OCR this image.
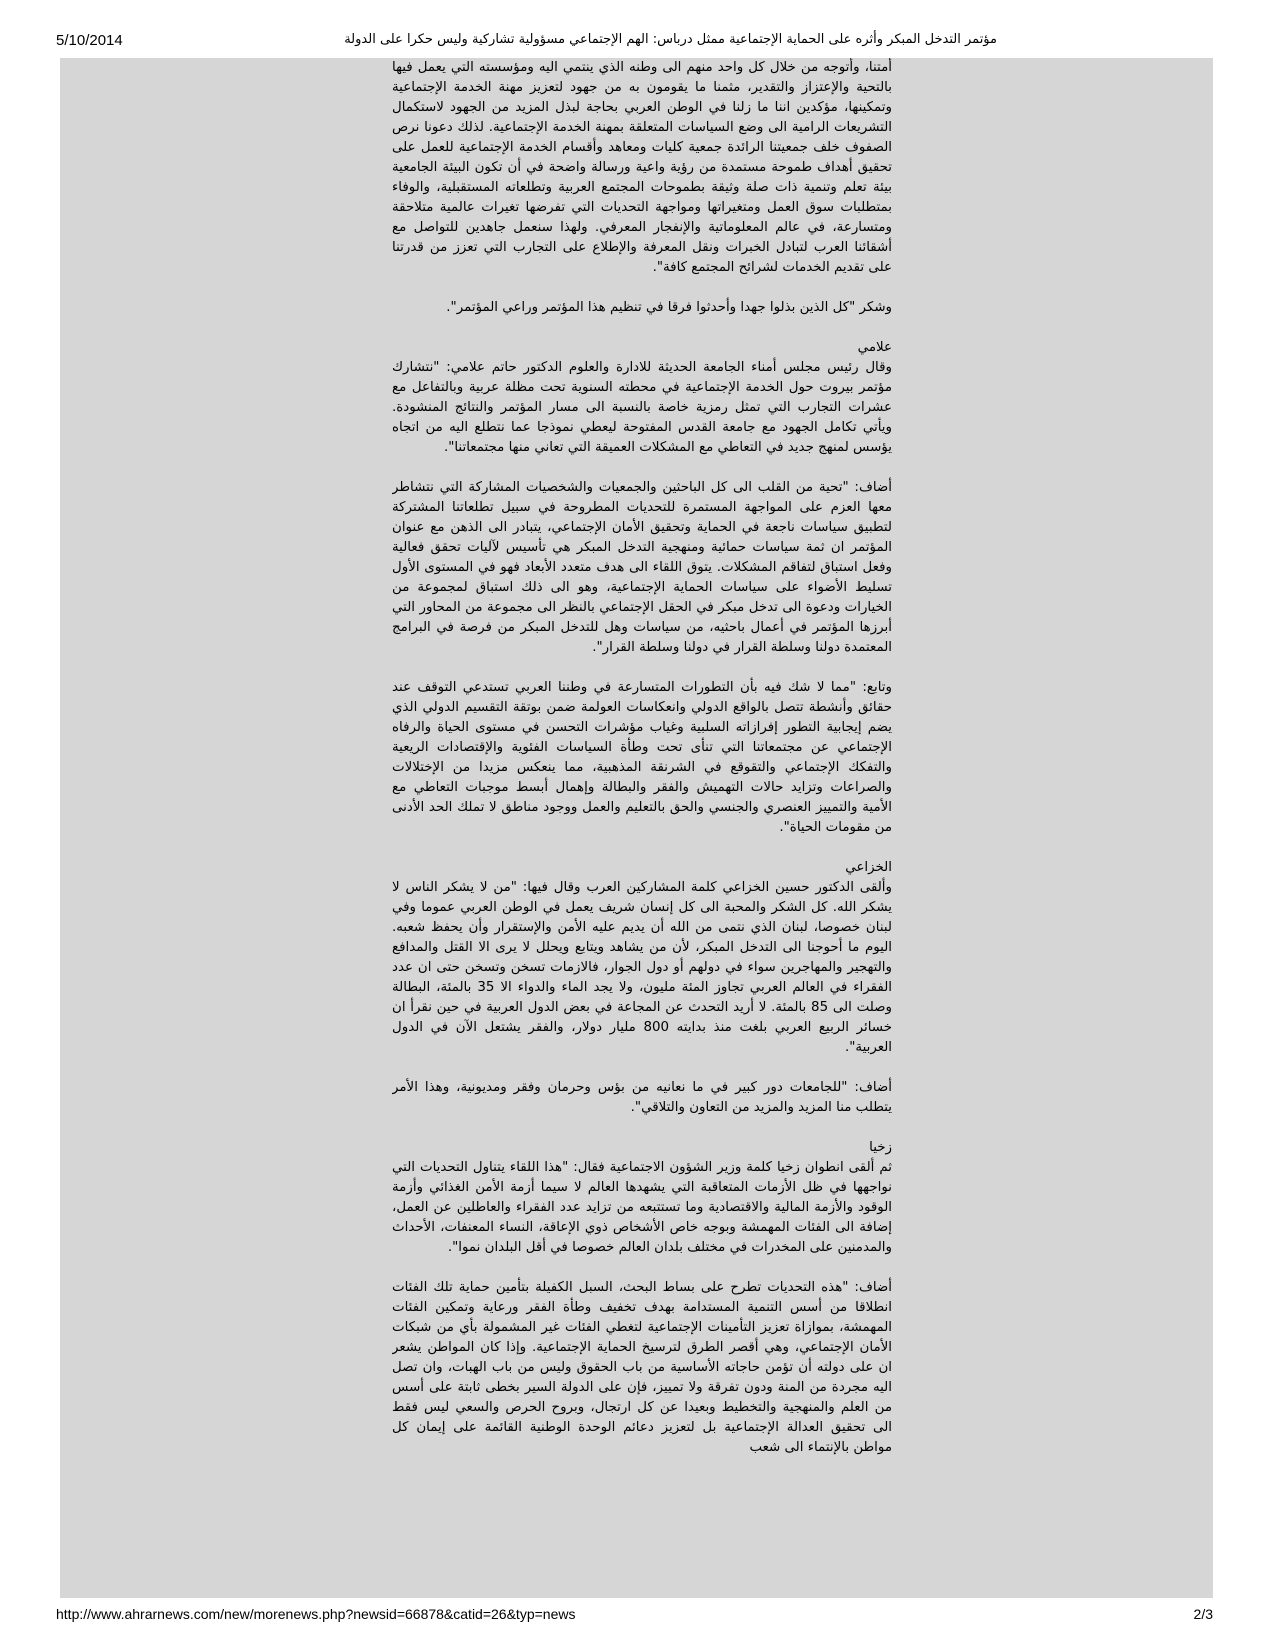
5/10/2014	مؤتمر التدخل المبكر وأثره على الحماية الإجتماعية ممثل درباس: الهم الإجتماعي مسؤولية تشاركية وليس حكرا على الدولة

أمتنا، وأتوجه من خلال كل واحد منهم الى وطنه الذي ينتمي اليه ومؤسسته التي يعمل فيها بالتحية والإعتزاز والتقدير، مثمنا ما يقومون به من جهود لتعزيز مهنة الخدمة الإجتماعية وتمكينها، مؤكدين اننا ما زلنا في الوطن العربي بحاجة لبذل المزيد من الجهود لاستكمال التشريعات الرامية الى وضع السياسات المتعلقة بمهنة الخدمة الإجتماعية. لذلك دعونا نرص الصفوف خلف جمعيتنا الرائدة جمعية كليات ومعاهد وأقسام الخدمة الإجتماعية للعمل على تحقيق أهداف طموحة مستمدة من رؤية واعية ورسالة واضحة في أن تكون البيئة الجامعية بيئة تعلم وتنمية ذات صلة وثيقة بطموحات المجتمع العربية وتطلعاته المستقبلية، والوفاء بمتطلبات سوق العمل ومتغيراتها ومواجهة التحديات التي تفرضها تغيرات عالمية متلاحقة ومتسارعة، في عالم المعلوماتية والإنفجار المعرفي. ولهذا سنعمل جاهدين للتواصل مع أشقائنا العرب لتبادل الخبرات ونقل المعرفة والإطلاع على التجارب التي تعزز من قدرتنا على تقديم الخدمات لشرائح المجتمع كافة".

وشكر "كل الذين بذلوا جهدا وأحدثوا فرقا في تنظيم هذا المؤتمر وراعي المؤتمر".

علامي

وقال رئيس مجلس أمناء الجامعة الحديثة للادارة والعلوم الدكتور حاتم علامي: "نتشارك مؤتمر بيروت حول الخدمة الإجتماعية في محطته السنوية تحت مظلة عربية وبالتفاعل مع عشرات التجارب التي تمثل رمزية خاصة بالنسبة الى مسار المؤتمر والنتائج المنشودة. ويأتي تكامل الجهود مع جامعة القدس المفتوحة ليعطي نموذجا عما نتطلع اليه من اتجاه يؤسس لمنهج جديد في التعاطي مع المشكلات العميقة التي تعاني منها مجتمعاتنا".

أضاف: "تحية من القلب الى كل الباحثين والجمعيات والشخصيات المشاركة التي نتشاطر معها العزم على المواجهة المستمرة للتحديات المطروحة في سبيل تطلعاتنا المشتركة لتطبيق سياسات ناجعة في الحماية وتحقيق الأمان الإجتماعي، يتبادر الى الذهن مع عنوان المؤتمر ان ثمة سياسات حمائية ومنهجية التدخل المبكر هي تأسيس لآليات تحقق فعالية وفعل استباق لتفاقم المشكلات. يتوق اللقاء الى هدف متعدد الأبعاد فهو في المستوى الأول تسليط الأضواء على سياسات الحماية الإجتماعية، وهو الى ذلك استباق لمجموعة من الخيارات ودعوة الى تدخل مبكر في الحقل الإجتماعي بالنظر الى مجموعة من المحاور التي أبرزها المؤتمر في أعمال باحثيه، من سياسات وهل للتدخل المبكر من فرصة في البرامج المعتمدة دولنا وسلطة القرار في دولنا وسلطة القرار".

وتابع: "مما لا شك فيه بأن التطورات المتسارعة في وطننا العربي تستدعي التوقف عند حقائق وأنشطة تتصل بالواقع الدولي وانعكاسات العولمة ضمن بوتقة التقسيم الدولي الذي يضم إيجابية التطور إفرازاته السلبية وغياب مؤشرات التحسن في مستوى الحياة والرفاه الإجتماعي عن مجتمعاتنا التي تنأى تحت وطأة السياسات الفئوية والإقتصادات الريعية والتفكك الإجتماعي والتقوقع في الشرنقة المذهبية، مما ينعكس مزيدا من الإختلالات والصراعات وتزايد حالات التهميش والفقر والبطالة وإهمال أبسط موجبات التعاطي مع الأمية والتمييز العنصري والجنسي والحق بالتعليم والعمل ووجود مناطق لا تملك الحد الأدنى من مقومات الحياة".

الخزاعي

وألقى الدكتور حسين الخزاعي كلمة المشاركين العرب وقال فيها: "من لا يشكر الناس لا يشكر الله. كل الشكر والمحبة الى كل إنسان شريف يعمل في الوطن العربي عموما وفي لبنان خصوصا، لبنان الذي نتمى من الله أن يديم عليه الأمن والإستقرار وأن يحفظ شعبه. اليوم ما أحوجنا الى التدخل المبكر، لأن من يشاهد ويتابع ويحلل لا يرى الا القتل والمدافع والتهجير والمهاجرين سواء في دولهم أو دول الجوار، فالازمات تسخن وتسخن حتى ان عدد الفقراء في العالم العربي تجاوز المئة مليون، ولا يجد الماء والدواء الا 35 بالمئة، البطالة وصلت الى 85 بالمئة. لا أريد التحدث عن المجاعة في بعض الدول العربية في حين نقرأ ان خسائر الربيع العربي بلغت منذ بدايته 800 مليار دولار، والفقر يشتعل الآن في الدول العربية".

أضاف: "للجامعات دور كبير في ما نعانيه من بؤس وحرمان وفقر ومديونية، وهذا الأمر يتطلب منا المزيد والمزيد من التعاون والتلاقي".

زخيا

ثم ألقى انطوان زخيا كلمة وزير الشؤون الاجتماعية فقال: "هذا اللقاء يتناول التحديات التي نواجهها في ظل الأزمات المتعاقبة التي يشهدها العالم لا سيما أزمة الأمن الغذائي وأزمة الوقود والأزمة المالية والاقتصادية وما تستتبعه من تزايد عدد الفقراء والعاطلين عن العمل، إضافة الى الفئات المهمشة وبوجه خاص الأشخاص ذوي الإعاقة، النساء المعنفات، الأحداث والمدمنين على المخدرات في مختلف بلدان العالم خصوصا في أقل البلدان نموا".

أضاف: "هذه التحديات تطرح على بساط البحث، السبل الكفيلة بتأمين حماية تلك الفئات انطلاقا من أسس التنمية المستدامة بهدف تخفيف وطأة الفقر ورعاية وتمكين الفئات المهمشة، بموازاة تعزيز التأمينات الإجتماعية لتغطي الفئات غير المشمولة بأي من شبكات الأمان الإجتماعي، وهي أقصر الطرق لترسيخ الحماية الإجتماعية. وإذا كان المواطن يشعر ان على دولته أن تؤمن حاجاته الأساسية من باب الحقوق وليس من باب الهبات، وان تصل اليه مجردة من المنة ودون تفرقة ولا تمييز، فإن على الدولة السير بخطى ثابتة على أسس من العلم والمنهجية والتخطيط وبعيدا عن كل ارتجال، وبروح الحرص والسعي ليس فقط الى تحقيق العدالة الإجتماعية بل لتعزيز دعائم الوحدة الوطنية القائمة على إيمان كل مواطن بالإنتماء الى شعب

http://www.ahrarnews.com/new/morenews.php?newsid=66878&catid=26&typ=news	2/3
